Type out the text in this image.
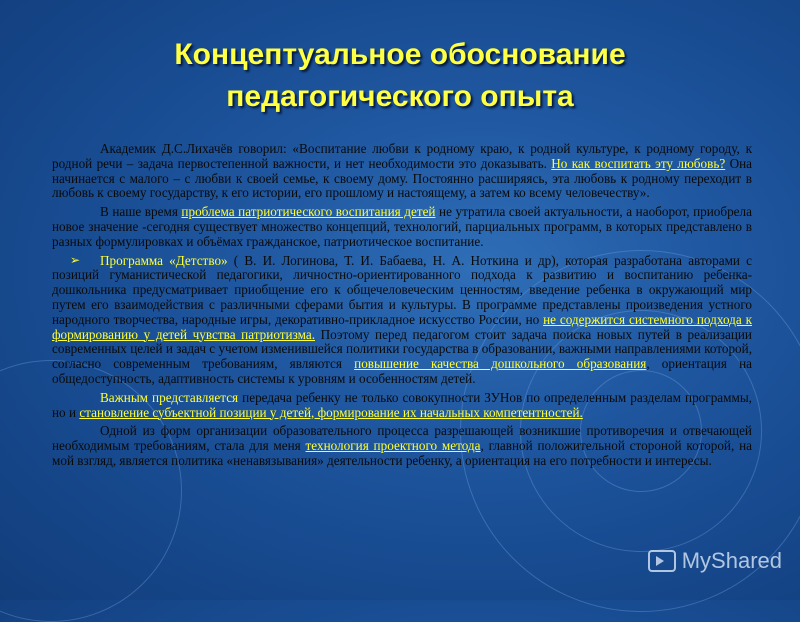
Концептуальное обоснование
педагогического опыта

Академик Д.С.Лихачёв говорил: «Воспитание любви к родному краю, к родной культуре, к родному городу, к родной речи – задача первостепенной важности, и нет необходимости это доказывать. Но как воспитать эту любовь? Она начинается с малого – с любви к своей семье, к своему дому. Постоянно расширяясь, эта любовь к родному переходит в любовь к своему государству, к его истории, его прошлому и настоящему, а затем ко всему человечеству».

В наше время проблема патриотического воспитания детей не утратила своей актуальности, а наоборот, приобрела новое значение -сегодня существует множество концепций, технологий, парциальных программ, в которых представлено в разных формулировках и объёмах гражданское, патриотическое воспитание.

➢ Программа «Детство» ( В. И. Логинова, Т. И. Бабаева, Н. А. Ноткина и др), которая разработана авторами с позиций гуманистической педагогики, личностно-ориентированного подхода к развитию и воспитанию ребенка-дошкольника предусматривает приобщение его к общечеловеческим ценностям, введение ребенка в окружающий мир путем его взаимодействия с различными сферами бытия и культуры. В программе представлены произведения устного народного творчества, народные игры, декоративно-прикладное искусство России, но не содержится системного подхода к формированию у детей чувства патриотизма. Поэтому перед педагогом стоит задача поиска новых путей в реализации современных целей и задач с учетом изменившейся политики государства в образовании, важными направлениями которой, согласно современным требованиям, являются повышение качества дошкольного образования, ориентация на общедоступность, адаптивность системы к уровням и особенностям детей.

Важным представляется передача ребенку не только совокупности ЗУНов по определенным разделам программы, но и становление субъектной позиции у детей, формирование их начальных компетентностей.

Одной из форм организации образовательного процесса разрешающей возникшие противоречия и отвечающей необходимым требованиям, стала для меня технология проектного метода, главной положительной стороной которой, на мой взгляд, является политика «ненавязывания» деятельности ребенку, а ориентация на его потребности и интересы.

MyShared
